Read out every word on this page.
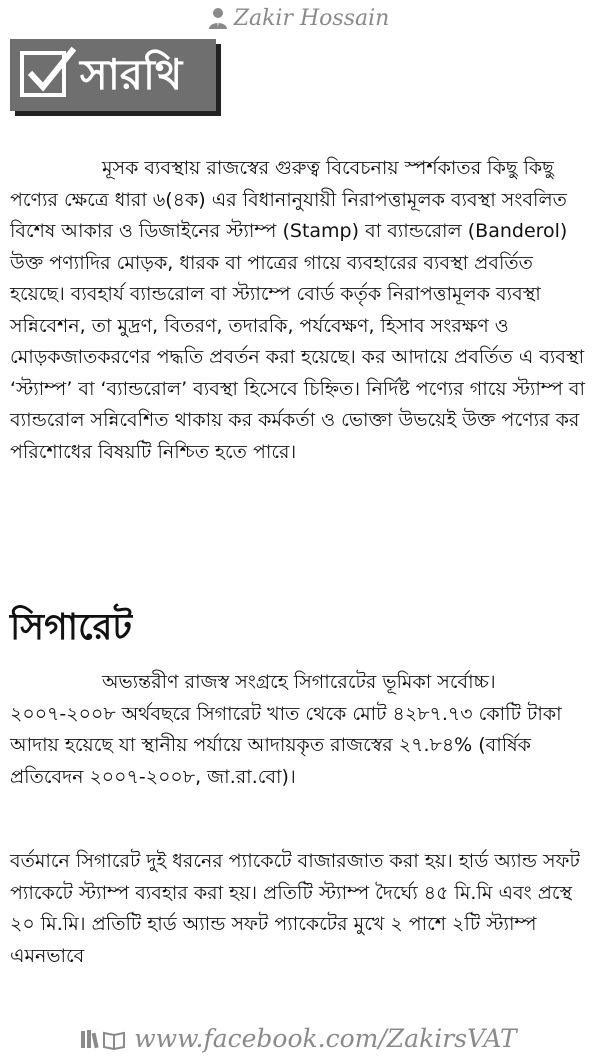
Zakir Hossain
সারথি

মূসক ব্যবস্থায় রাজস্বের গুরুত্ব বিবেচনায় স্পর্শকাতর কিছু কিছু পণ্যের ক্ষেত্রে ধারা ৬(৪ক) এর বিধানানুযায়ী নিরাপত্তামূলক ব্যবস্থা সংবলিত বিশেষ আকার ও ডিজাইনের স্ট্যাম্প (Stamp) বা ব্যান্ডরোল (Banderol) উক্ত পণ্যাদির মোড়ক, ধারক বা পাত্রের গায়ে ব্যবহারের ব্যবস্থা প্রবর্তিত হয়েছে। ব্যবহার্য ব্যান্ডরোল বা স্ট্যাম্পে বোর্ড কর্তৃক নিরাপত্তামূলক ব্যবস্থা সন্নিবেশন, তা মুদ্রণ, বিতরণ, তদারকি, পর্যবেক্ষণ, হিসাব সংরক্ষণ ও মোড়কজাতকরণের পদ্ধতি প্রবর্তন করা হয়েছে। কর আদায়ে প্রবর্তিত এ ব্যবস্থা ‘স্ট্যাম্প’ বা ‘ব্যান্ডরোল’ ব্যবস্থা হিসেবে চিহ্নিত। নির্দিষ্ট পণ্যের গায়ে স্ট্যাম্প বা ব্যান্ডরোল সন্নিবেশিত থাকায় কর কর্মকর্তা ও ভোক্তা উভয়েই উক্ত পণ্যের কর পরিশোধের বিষয়টি নিশ্চিত হতে পারে।

সিগারেট

অভ্যন্তরীণ রাজস্ব সংগ্রহে সিগারেটের ভূমিকা সর্বোচ্চ। ২০০৭-২০০৮ অর্থবছরে সিগারেট খাত থেকে মোট ৪২৮৭.৭৩ কোটি টাকা আদায় হয়েছে যা স্থানীয় পর্যায়ে আদায়কৃত রাজস্বের ২৭.৮৪% (বার্ষিক প্রতিবেদন ২০০৭-২০০৮, জা.রা.বো)।

বর্তমানে সিগারেট দুই ধরনের প্যাকেটে বাজারজাত করা হয়। হার্ড অ্যান্ড সফট প্যাকেটে স্ট্যাম্প ব্যবহার করা হয়। প্রতিটি স্ট্যাম্প দৈর্ঘ্যে ৪৫ মি.মি এবং প্রস্থে ২০ মি.মি। প্রতিটি হার্ড অ্যান্ড সফট প্যাকেটের মুখে ২ পাশে ২টি স্ট্যাম্প এমনভাবে

www.facebook.com/ZakirsVAT
